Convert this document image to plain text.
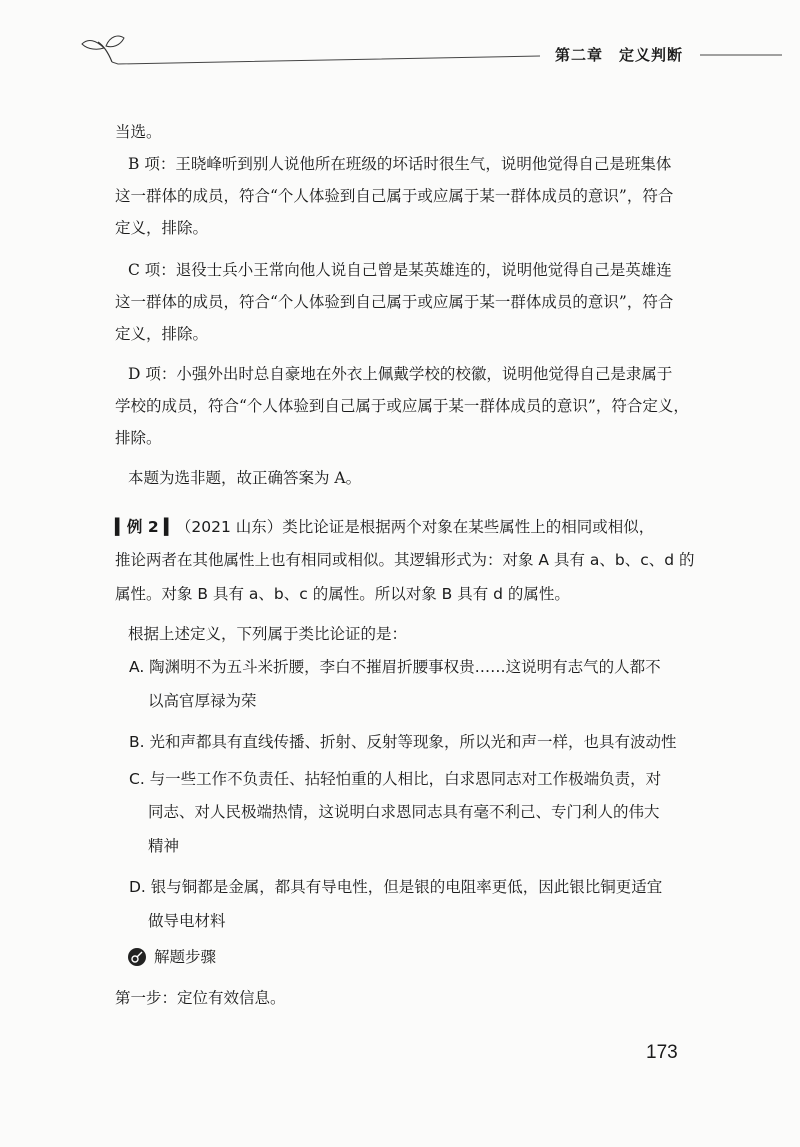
第二章　定义判断
当选。
B 项：王晓峰听到别人说他所在班级的坏话时很生气，说明他觉得自己是班集体
这一群体的成员，符合“个人体验到自己属于或应属于某一群体成员的意识”，符合
定义，排除。
C 项：退役士兵小王常向他人说自己曾是某英雄连的，说明他觉得自己是英雄连
这一群体的成员，符合“个人体验到自己属于或应属于某一群体成员的意识”，符合
定义，排除。
D 项：小强外出时总自豪地在外衣上佩戴学校的校徽，说明他觉得自己是隶属于
学校的成员，符合“个人体验到自己属于或应属于某一群体成员的意识”，符合定义，
排除。
本题为选非题，故正确答案为 A。
▍例 2 ▍（2021 山东）类比论证是根据两个对象在某些属性上的相同或相似，
推论两者在其他属性上也有相同或相似。其逻辑形式为：对象 A 具有 a、b、c、d 的
属性。对象 B 具有 a、b、c 的属性。所以对象 B 具有 d 的属性。
根据上述定义，下列属于类比论证的是：
A. 陶渊明不为五斗米折腰，李白不摧眉折腰事权贵……这说明有志气的人都不
以高官厚禄为荣
B. 光和声都具有直线传播、折射、反射等现象，所以光和声一样，也具有波动性
C. 与一些工作不负责任、拈轻怕重的人相比，白求恩同志对工作极端负责，对
同志、对人民极端热情，这说明白求恩同志具有毫不利己、专门利人的伟大
精神
D. 银与铜都是金属，都具有导电性，但是银的电阻率更低，因此银比铜更适宜
做导电材料
解题步骤
第一步：定位有效信息。
173
